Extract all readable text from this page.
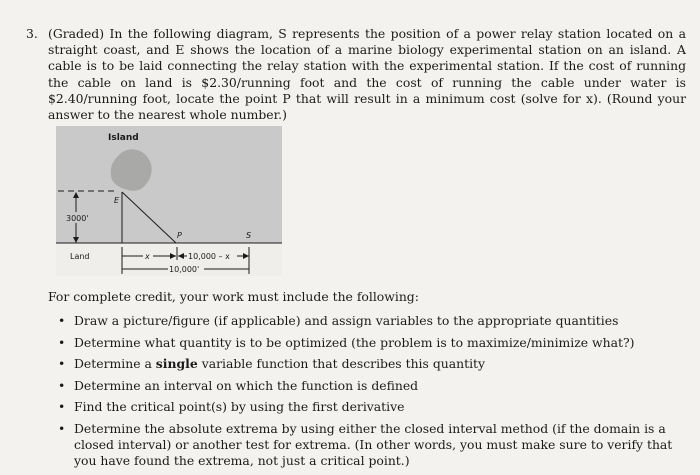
3. (Graded) In the following diagram, S represents the position of a power relay station located on a straight coast, and E shows the location of a marine biology experimental station on an island. A cable is to be laid connecting the relay station with the experimental station. If the cost of running the cable on land is $2.30/running foot and the cost of running the cable under water is $2.40/running foot, locate the point P that will result in a minimum cost (solve for x). (Round your answer to the nearest whole number.)
Island
E
P	S
3000'
Land	x	10,000 – x
10,000'
For complete credit, your work must include the following:
• Draw a picture/figure (if applicable) and assign variables to the appropriate quantities
• Determine what quantity is to be optimized (the problem is to maximize/minimize what?)
• Determine a single variable function that describes this quantity
• Determine an interval on which the function is defined
• Find the critical point(s) by using the first derivative
• Determine the absolute extrema by using either the closed interval method (if the domain is a closed interval) or another test for extrema. (In other words, you must make sure to verify that you have found the extrema, not just a critical point.)
